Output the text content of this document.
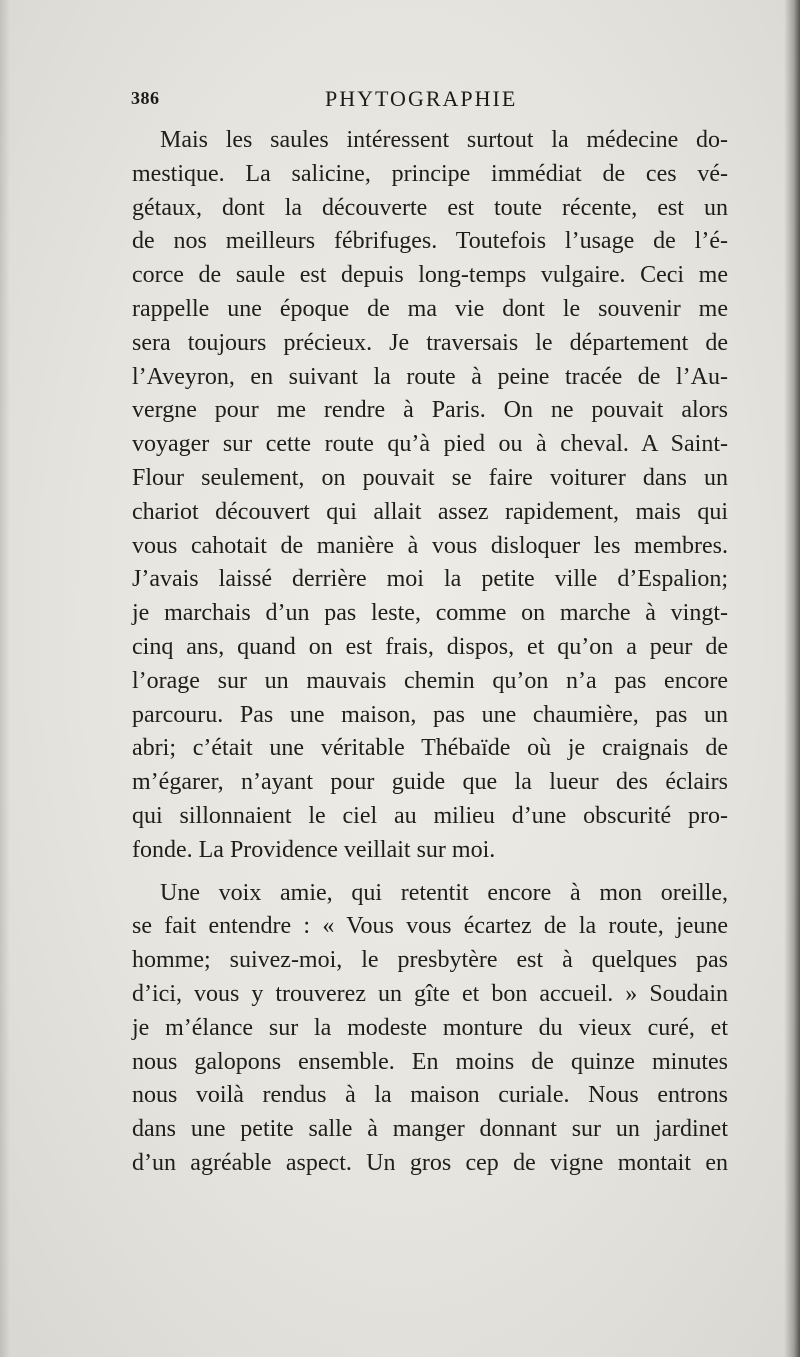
386	PHYTOGRAPHIE
Mais les saules intéressent surtout la médecine do-
mestique. La salicine, principe immédiat de ces vé-
gétaux, dont la découverte est toute récente, est un
de nos meilleurs fébrifuges. Toutefois l’usage de l’é-
corce de saule est depuis long-temps vulgaire. Ceci me
rappelle une époque de ma vie dont le souvenir me
sera toujours précieux. Je traversais le département de
l’Aveyron, en suivant la route à peine tracée de l’Au-
vergne pour me rendre à Paris. On ne pouvait alors
voyager sur cette route qu’à pied ou à cheval. A Saint-
Flour seulement, on pouvait se faire voiturer dans un
chariot découvert qui allait assez rapidement, mais qui
vous cahotait de manière à vous disloquer les membres.
J’avais laissé derrière moi la petite ville d’Espalion;
je marchais d’un pas leste, comme on marche à vingt-
cinq ans, quand on est frais, dispos, et qu’on a peur de
l’orage sur un mauvais chemin qu’on n’a pas encore
parcouru. Pas une maison, pas une chaumière, pas un
abri; c’était une véritable Thébaïde où je craignais de
m’égarer, n’ayant pour guide que la lueur des éclairs
qui sillonnaient le ciel au milieu d’une obscurité pro-
fonde. La Providence veillait sur moi.
Une voix amie, qui retentit encore à mon oreille,
se fait entendre : « Vous vous écartez de la route, jeune
homme; suivez-moi, le presbytère est à quelques pas
d’ici, vous y trouverez un gîte et bon accueil. » Soudain
je m’élance sur la modeste monture du vieux curé, et
nous galopons ensemble. En moins de quinze minutes
nous voilà rendus à la maison curiale. Nous entrons
dans une petite salle à manger donnant sur un jardinet
d’un agréable aspect. Un gros cep de vigne montait en
